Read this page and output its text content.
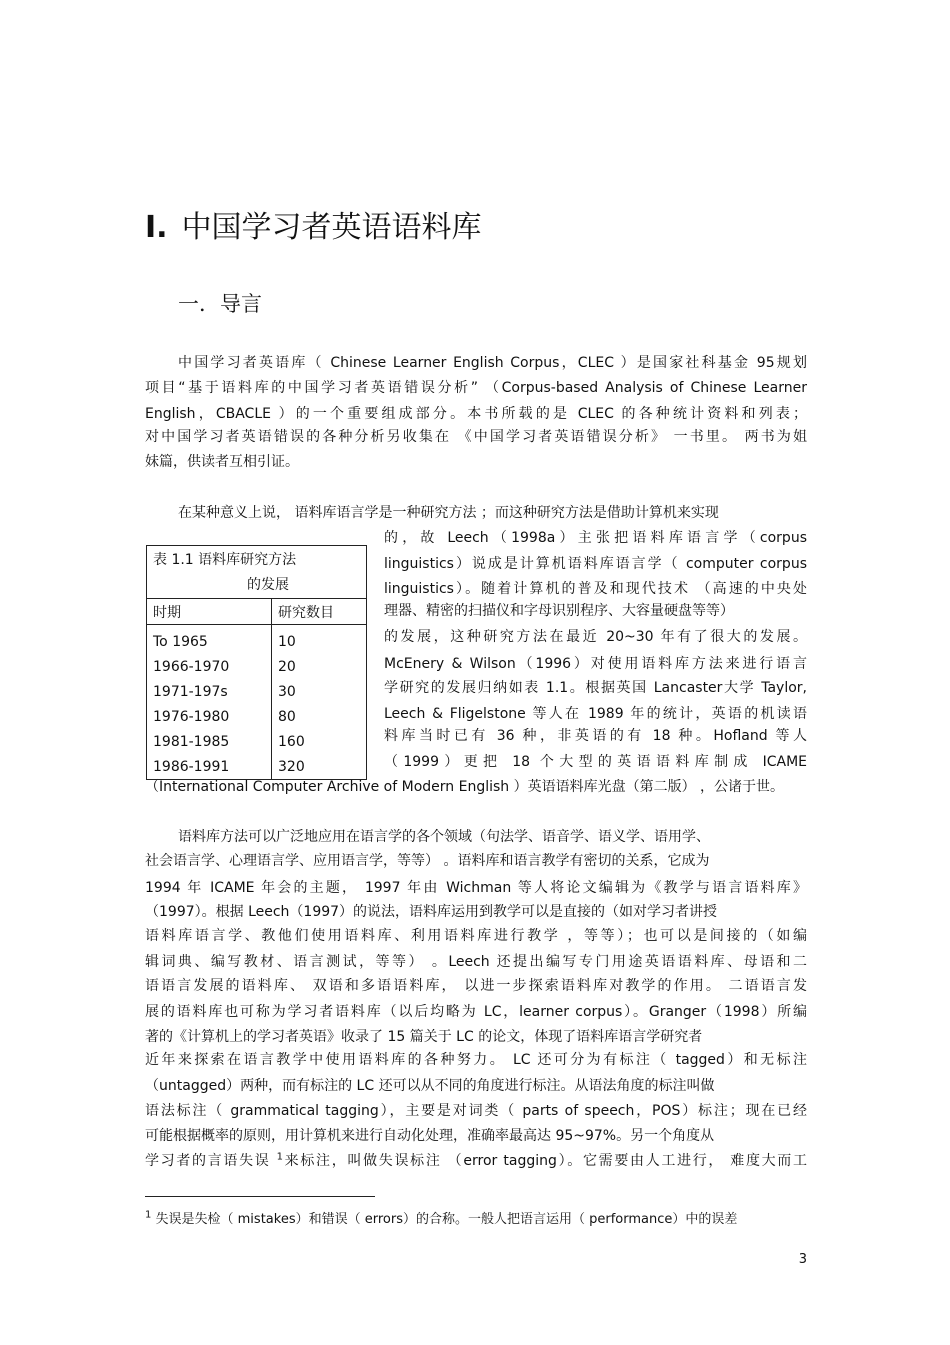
I. 中国学习者英语语料库
一．导言
中国学习者英语库（ Chinese Learner English Corpus，CLEC ）是国家社科基金 95规划
项目“基于语料库的中国学习者英语错误分析” （Corpus-based Analysis of Chinese Learner
English，CBACLE ）的一个重要组成部分。本书所载的是 CLEC 的各种统计资料和列表；
对中国学习者英语错误的各种分析另收集在 《中国学习者英语错误分析》 一书里。 两书为姐
妹篇，供读者互相引证。
在某种意义上说， 语料库语言学是一种研究方法 ；而这种研究方法是借助计算机来实现
的，故 Leech（1998a）主张把语料库语言学（corpus
linguistics）说成是计算机语料库语言学（ computer corpus
linguistics）。随着计算机的普及和现代技术 （高速的中央处
理器、精密的扫描仪和字母识别程序、大容量硬盘等等）
的发展，这种研究方法在最近 20~30 年有了很大的发展。
McEnery & Wilson（1996）对使用语料库方法来进行语言
学研究的发展归纳如表 1.1。根据英国 Lancaster大学 Taylor,
Leech & Fligelstone 等人在 1989 年的统计，英语的机读语
料库当时已有 36 种，非英语的有 18 种。Hofland 等人
（1999）更把 18 个大型的英语语料库制成 ICAME
（International Computer Archive of Modern English ）英语语料库光盘（第二版） ，公诸于世。
表 1.1 语料库研究方法
的发展	

时期	研究数目
To 1965	10
1966-1970	20
1971-197s	30
1976-1980	80
1981-1985	160
1986-1991	320
语料库方法可以广泛地应用在语言学的各个领域（句法学、语音学、语义学、语用学、
社会语言学、心理语言学、应用语言学，等等） 。语料库和语言教学有密切的关系，它成为
1994 年 ICAME 年会的主题， 1997 年由 Wichman 等人将论文编辑为《教学与语言语料库》
（1997）。根据 Leech（1997）的说法，语料库运用到教学可以是直接的（如对学习者讲授
语料库语言学、教他们使用语料库、利用语料库进行教学 ，等等）；也可以是间接的（如编
辑词典、编写教材、语言测试，等等） 。Leech 还提出编写专门用途英语语料库、母语和二
语语言发展的语料库、 双语和多语语料库， 以进一步探索语料库对教学的作用。 二语语言发
展的语料库也可称为学习者语料库（以后均略为 LC，learner corpus）。Granger（1998）所编
著的《计算机上的学习者英语》收录了 15 篇关于 LC 的论文，体现了语料库语言学研究者
近年来探索在语言教学中使用语料库的各种努力。 LC 还可分为有标注（ tagged）和无标注
（untagged）两种，而有标注的 LC 还可以从不同的角度进行标注。从语法角度的标注叫做
语法标注（ grammatical tagging），主要是对词类（ parts of speech，POS）标注；现在已经
可能根据概率的原则，用计算机来进行自动化处理，准确率最高达 95~97%。另一个角度从
学习者的言语失误 $^1$来标注，叫做失误标注 （error tagging）。它需要由人工进行， 难度大而工
$^1$ 失误是失检（ mistakes）和错误（ errors）的合称。一般人把语言运用（ performance）中的误差
3
